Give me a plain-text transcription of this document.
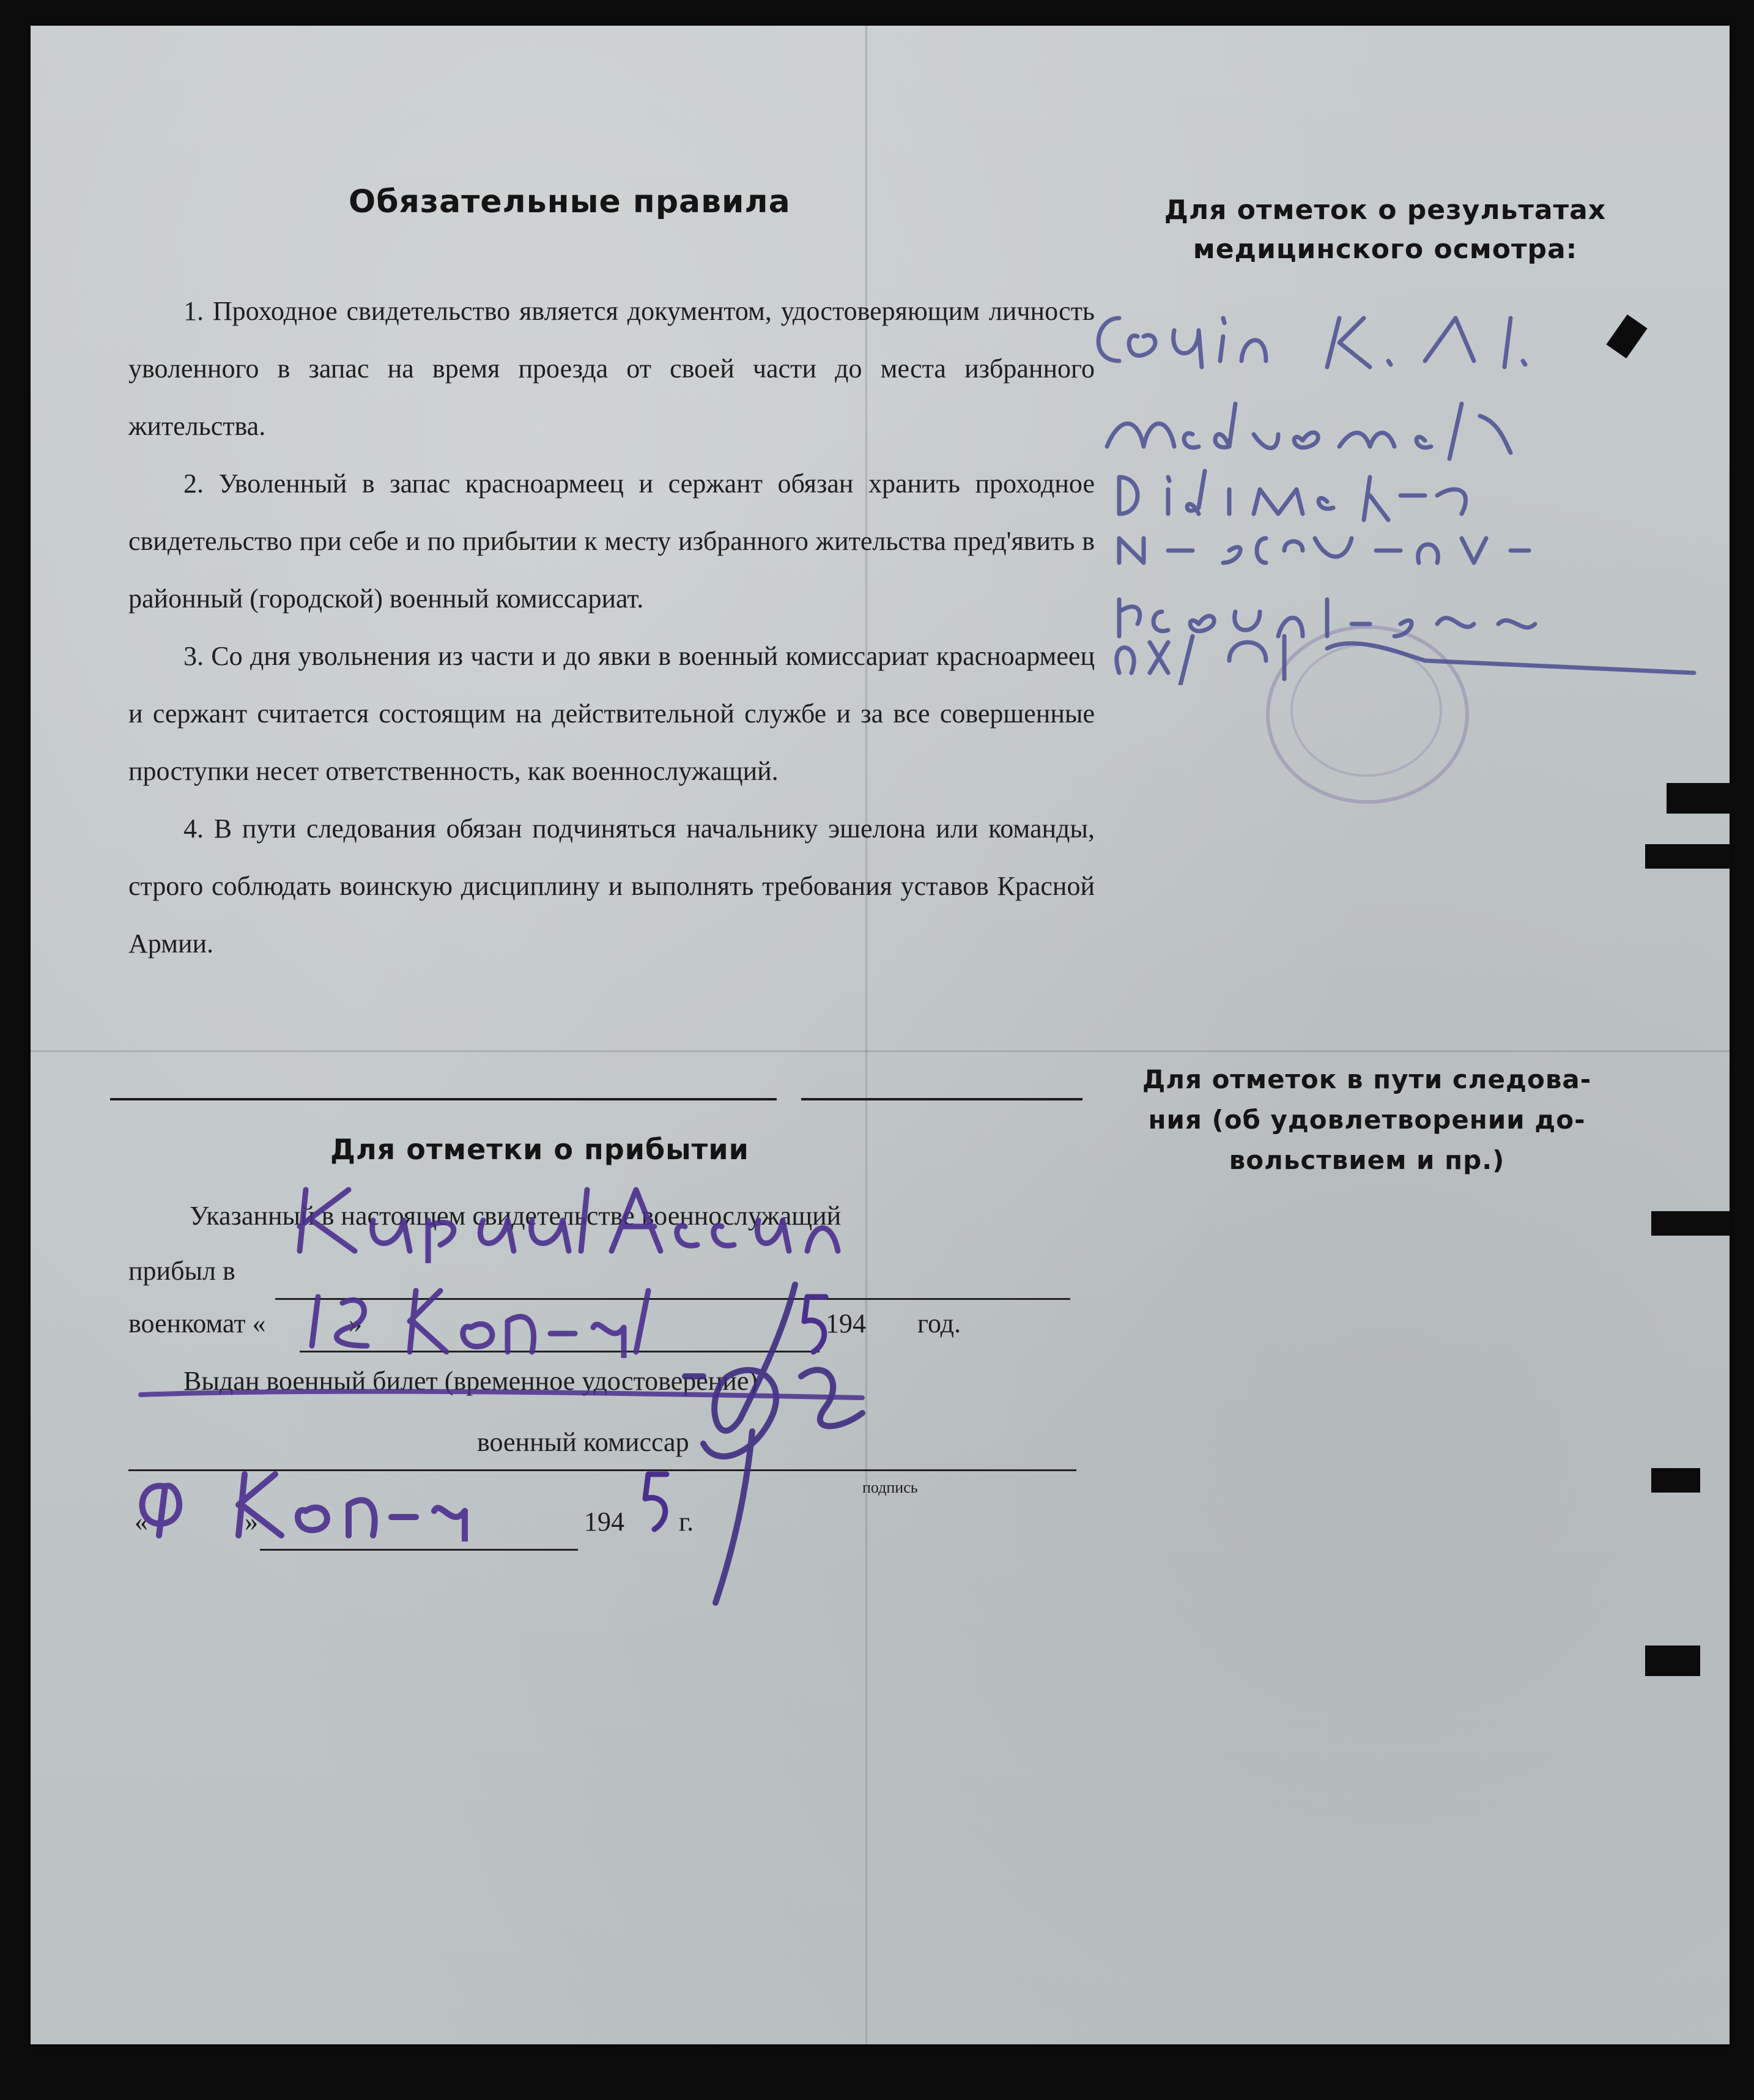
Обязательные правила

1. Проходное свидетельство является документом, удостоверяющим личность уволенного в запас на время проезда от своей части до места избранного жительства.

2. Уволенный в запас красноармеец и сержант обязан хранить проходное свидетельство при себе и по прибытии к месту избранного жительства пред'явить в районный (городской) военный комиссариат.

3. Со дня увольнения из части и до явки в военный комиссариат красноармеец и сержант считается состоящим на действительной службе и за все совершенные проступки несет ответственность, как военнослужащий.

4. В пути следования обязан подчиняться начальнику эшелона или команды, строго соблюдать воинскую дисциплину и выполнять требования уставов Красной Армии.

Для отметок о результатах
медицинского осмотра:
Для отметок в пути следова-
ния (об удовлетворении до-
вольствием и пр.)
Для отметки о прибытии
Указанный в настоящем свидетельстве военнослужащий
прибыл в
военкомат «	»	194 год.
Выдан военный билет (временное удостоверение)
военный комиссар
подпись
«	»	194 г.
